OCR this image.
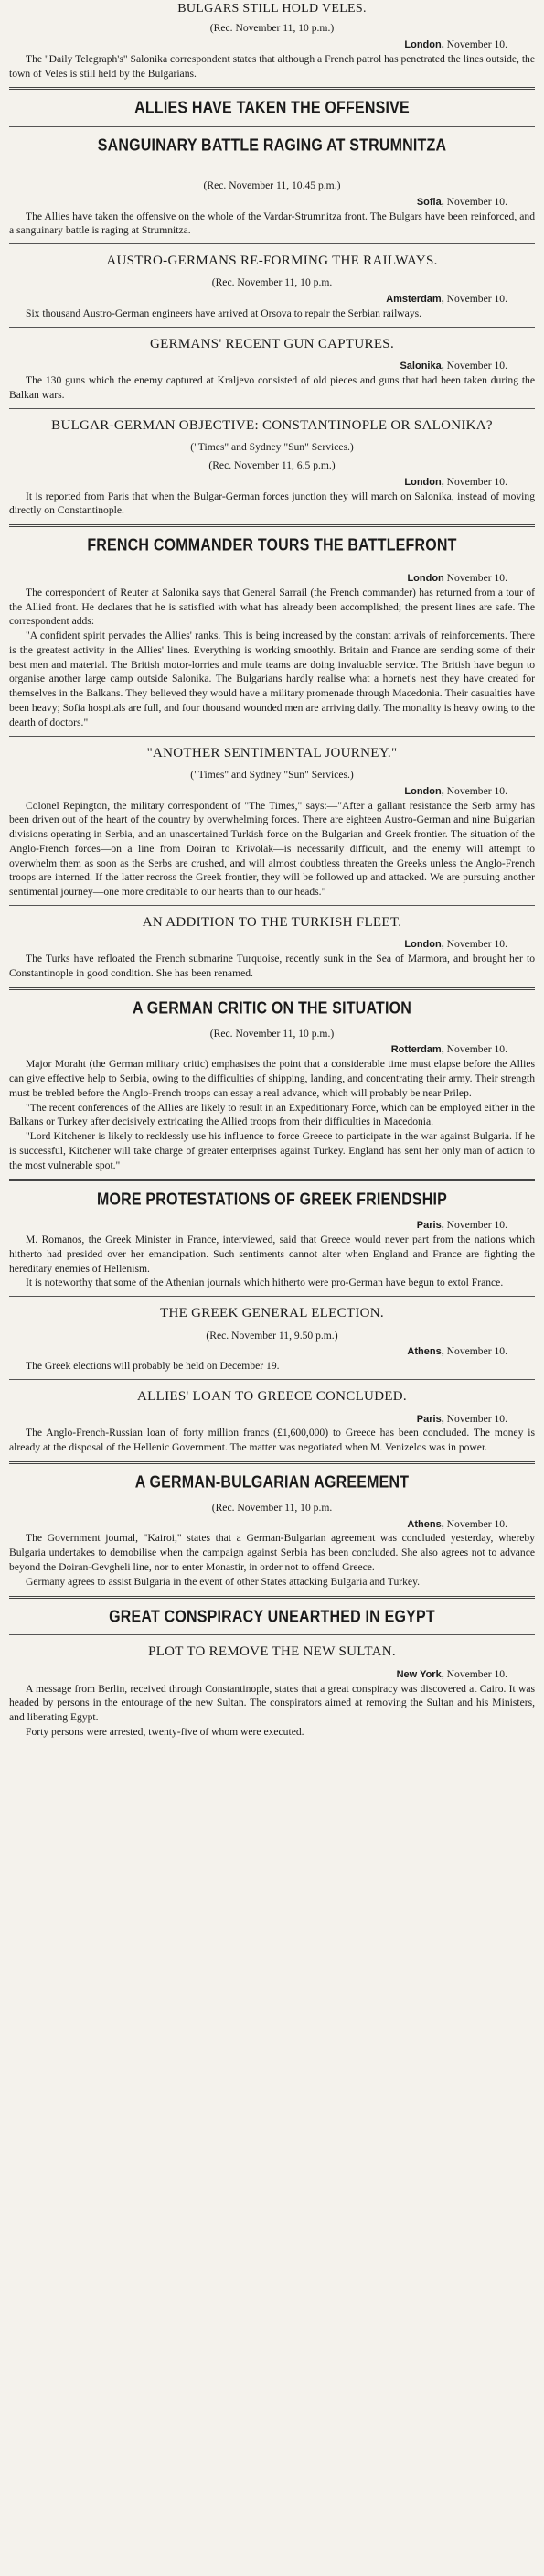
BULGARS STILL HOLD VELES.
(Rec. November 11, 10 p.m.)
London, November 10.

The "Daily Telegraph's" Salonika correspondent states that although a French patrol has penetrated the lines outside, the town of Veles is still held by the Bulgarians.

ALLIES HAVE TAKEN THE OFFENSIVE
SANGUINARY BATTLE RAGING AT STRUMNITZA
(Rec. November 11, 10.45 p.m.)
Sofia, November 10.

The Allies have taken the offensive on the whole of the Vardar-Strumnitza front. The Bulgars have been reinforced, and a sanguinary battle is raging at Strumnitza.

AUSTRO-GERMANS RE-FORMING THE RAILWAYS.
(Rec. November 11, 10 p.m.
Amsterdam, November 10.

Six thousand Austro-German engineers have arrived at Orsova to repair the Serbian railways.

GERMANS' RECENT GUN CAPTURES.
Salonika, November 10.

The 130 guns which the enemy captured at Kraljevo consisted of old pieces and guns that had been taken during the Balkan wars.

BULGAR-GERMAN OBJECTIVE: CONSTANTINOPLE OR SALONIKA?
("Times" and Sydney "Sun" Services.)
(Rec. November 11, 6.5 p.m.)
London, November 10.

It is reported from Paris that when the Bulgar-German forces junction they will march on Salonika, instead of moving directly on Constantinople.

FRENCH COMMANDER TOURS THE BATTLEFRONT
London November 10.

The correspondent of Reuter at Salonika says that General Sarrail (the French commander) has returned from a tour of the Allied front. He declares that he is satisfied with what has already been accomplished; the present lines are safe. The correspondent adds:

"A confident spirit pervades the Allies' ranks. This is being increased by the constant arrivals of reinforcements. There is the greatest activity in the Allies' lines. Everything is working smoothly. Britain and France are sending some of their best men and material. The British motor-lorries and mule teams are doing invaluable service. The British have begun to organise another large camp outside Salonika. The Bulgarians hardly realise what a hornet's nest they have created for themselves in the Balkans. They believed they would have a military promenade through Macedonia. Their casualties have been heavy; Sofia hospitals are full, and four thousand wounded men are arriving daily. The mortality is heavy owing to the dearth of doctors."

"ANOTHER SENTIMENTAL JOURNEY."
("Times" and Sydney "Sun" Services.)
London, November 10.

Colonel Repington, the military correspondent of "The Times," says:—"After a gallant resistance the Serb army has been driven out of the heart of the country by overwhelming forces. There are eighteen Austro-German and nine Bulgarian divisions operating in Serbia, and an unascertained Turkish force on the Bulgarian and Greek frontier. The situation of the Anglo-French forces—on a line from Doiran to Krivolak—is necessarily difficult, and the enemy will attempt to overwhelm them as soon as the Serbs are crushed, and will almost doubtless threaten the Greeks unless the Anglo-French troops are interned. If the latter recross the Greek frontier, they will be followed up and attacked. We are pursuing another sentimental journey—one more creditable to our hearts than to our heads."

AN ADDITION TO THE TURKISH FLEET.
London, November 10.

The Turks have refloated the French submarine Turquoise, recently sunk in the Sea of Marmora, and brought her to Constantinople in good condition. She has been renamed.

A GERMAN CRITIC ON THE SITUATION
(Rec. November 11, 10 p.m.)
Rotterdam, November 10.

Major Moraht (the German military critic) emphasises the point that a considerable time must elapse before the Allies can give effective help to Serbia, owing to the difficulties of shipping, landing, and concentrating their army. Their strength must be trebled before the Anglo-French troops can essay a real advance, which will probably be near Prilep.

"The recent conferences of the Allies are likely to result in an Expeditionary Force, which can be employed either in the Balkans or Turkey after decisively extricating the Allied troops from their difficulties in Macedonia.

"Lord Kitchener is likely to recklessly use his influence to force Greece to participate in the war against Bulgaria. If he is successful, Kitchener will take charge of greater enterprises against Turkey. England has sent her only man of action to the most vulnerable spot."

MORE PROTESTATIONS OF GREEK FRIENDSHIP
Paris, November 10.

M. Romanos, the Greek Minister in France, interviewed, said that Greece would never part from the nations which hitherto had presided over her emancipation. Such sentiments cannot alter when England and France are fighting the hereditary enemies of Hellenism.

It is noteworthy that some of the Athenian journals which hitherto were pro-German have begun to extol France.

THE GREEK GENERAL ELECTION.
(Rec. November 11, 9.50 p.m.)
Athens, November 10.

The Greek elections will probably be held on December 19.

ALLIES' LOAN TO GREECE CONCLUDED.
Paris, November 10.

The Anglo-French-Russian loan of forty million francs (£1,600,000) to Greece has been concluded. The money is already at the disposal of the Hellenic Government. The matter was negotiated when M. Venizelos was in power.

A GERMAN-BULGARIAN AGREEMENT
(Rec. November 11, 10 p.m.
Athens, November 10.

The Government journal, "Kairoi," states that a German-Bulgarian agreement was concluded yesterday, whereby Bulgaria undertakes to demobilise when the campaign against Serbia has been concluded. She also agrees not to advance beyond the Doiran-Gevgheli line, nor to enter Monastir, in order not to offend Greece.

Germany agrees to assist Bulgaria in the event of other States attacking Bulgaria and Turkey.

GREAT CONSPIRACY UNEARTHED IN EGYPT
PLOT TO REMOVE THE NEW SULTAN.
New York, November 10.

A message from Berlin, received through Constantinople, states that a great conspiracy was discovered at Cairo. It was headed by persons in the entourage of the new Sultan. The conspirators aimed at removing the Sultan and his Ministers, and liberating Egypt.

Forty persons were arrested, twenty-five of whom were executed.
